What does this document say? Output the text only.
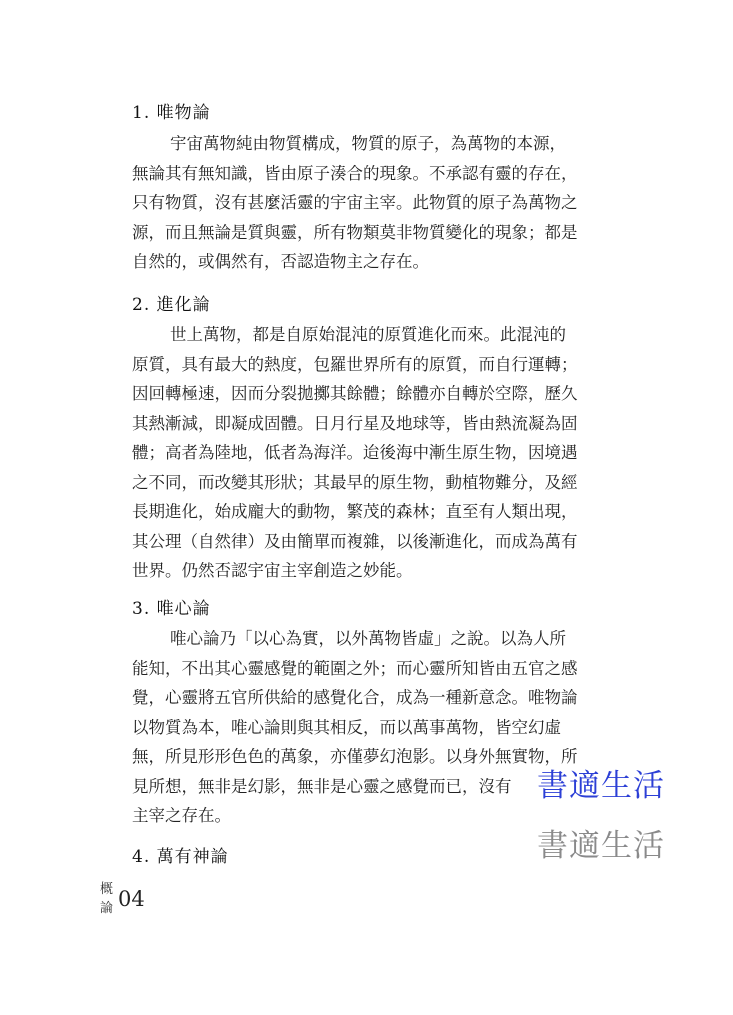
1. 唯物論

宇宙萬物純由物質構成，物質的原子，為萬物的本源，
無論其有無知識，皆由原子湊合的現象。不承認有靈的存在，
只有物質，沒有甚麼活靈的宇宙主宰。此物質的原子為萬物之
源，而且無論是質與靈，所有物類莫非物質變化的現象；都是
自然的，或偶然有，否認造物主之存在。

2. 進化論

世上萬物，都是自原始混沌的原質進化而來。此混沌的
原質，具有最大的熱度，包羅世界所有的原質，而自行運轉；
因回轉極速，因而分裂拋擲其餘體；餘體亦自轉於空際，歷久
其熱漸減，即凝成固體。日月行星及地球等，皆由熱流凝為固
體；高者為陸地，低者為海洋。迨後海中漸生原生物，因境遇
之不同，而改變其形狀；其最早的原生物，動植物難分，及經
長期進化，始成龐大的動物，繁茂的森林；直至有人類出現，
其公理（自然律）及由簡單而複雜，以後漸進化，而成為萬有
世界。仍然否認宇宙主宰創造之妙能。

3. 唯心論

唯心論乃「以心為實，以外萬物皆虛」之說。以為人所
能知，不出其心靈感覺的範圍之外；而心靈所知皆由五官之感
覺，心靈將五官所供給的感覺化合，成為一種新意念。唯物論
以物質為本，唯心論則與其相反，而以萬事萬物，皆空幻虛
無，所見形形色色的萬象，亦僅夢幻泡影。以身外無實物，所
見所想，無非是幻影，無非是心靈之感覺而已，沒有
主宰之存在。

4. 萬有神論
書適生活
書適生活
概
論 04
